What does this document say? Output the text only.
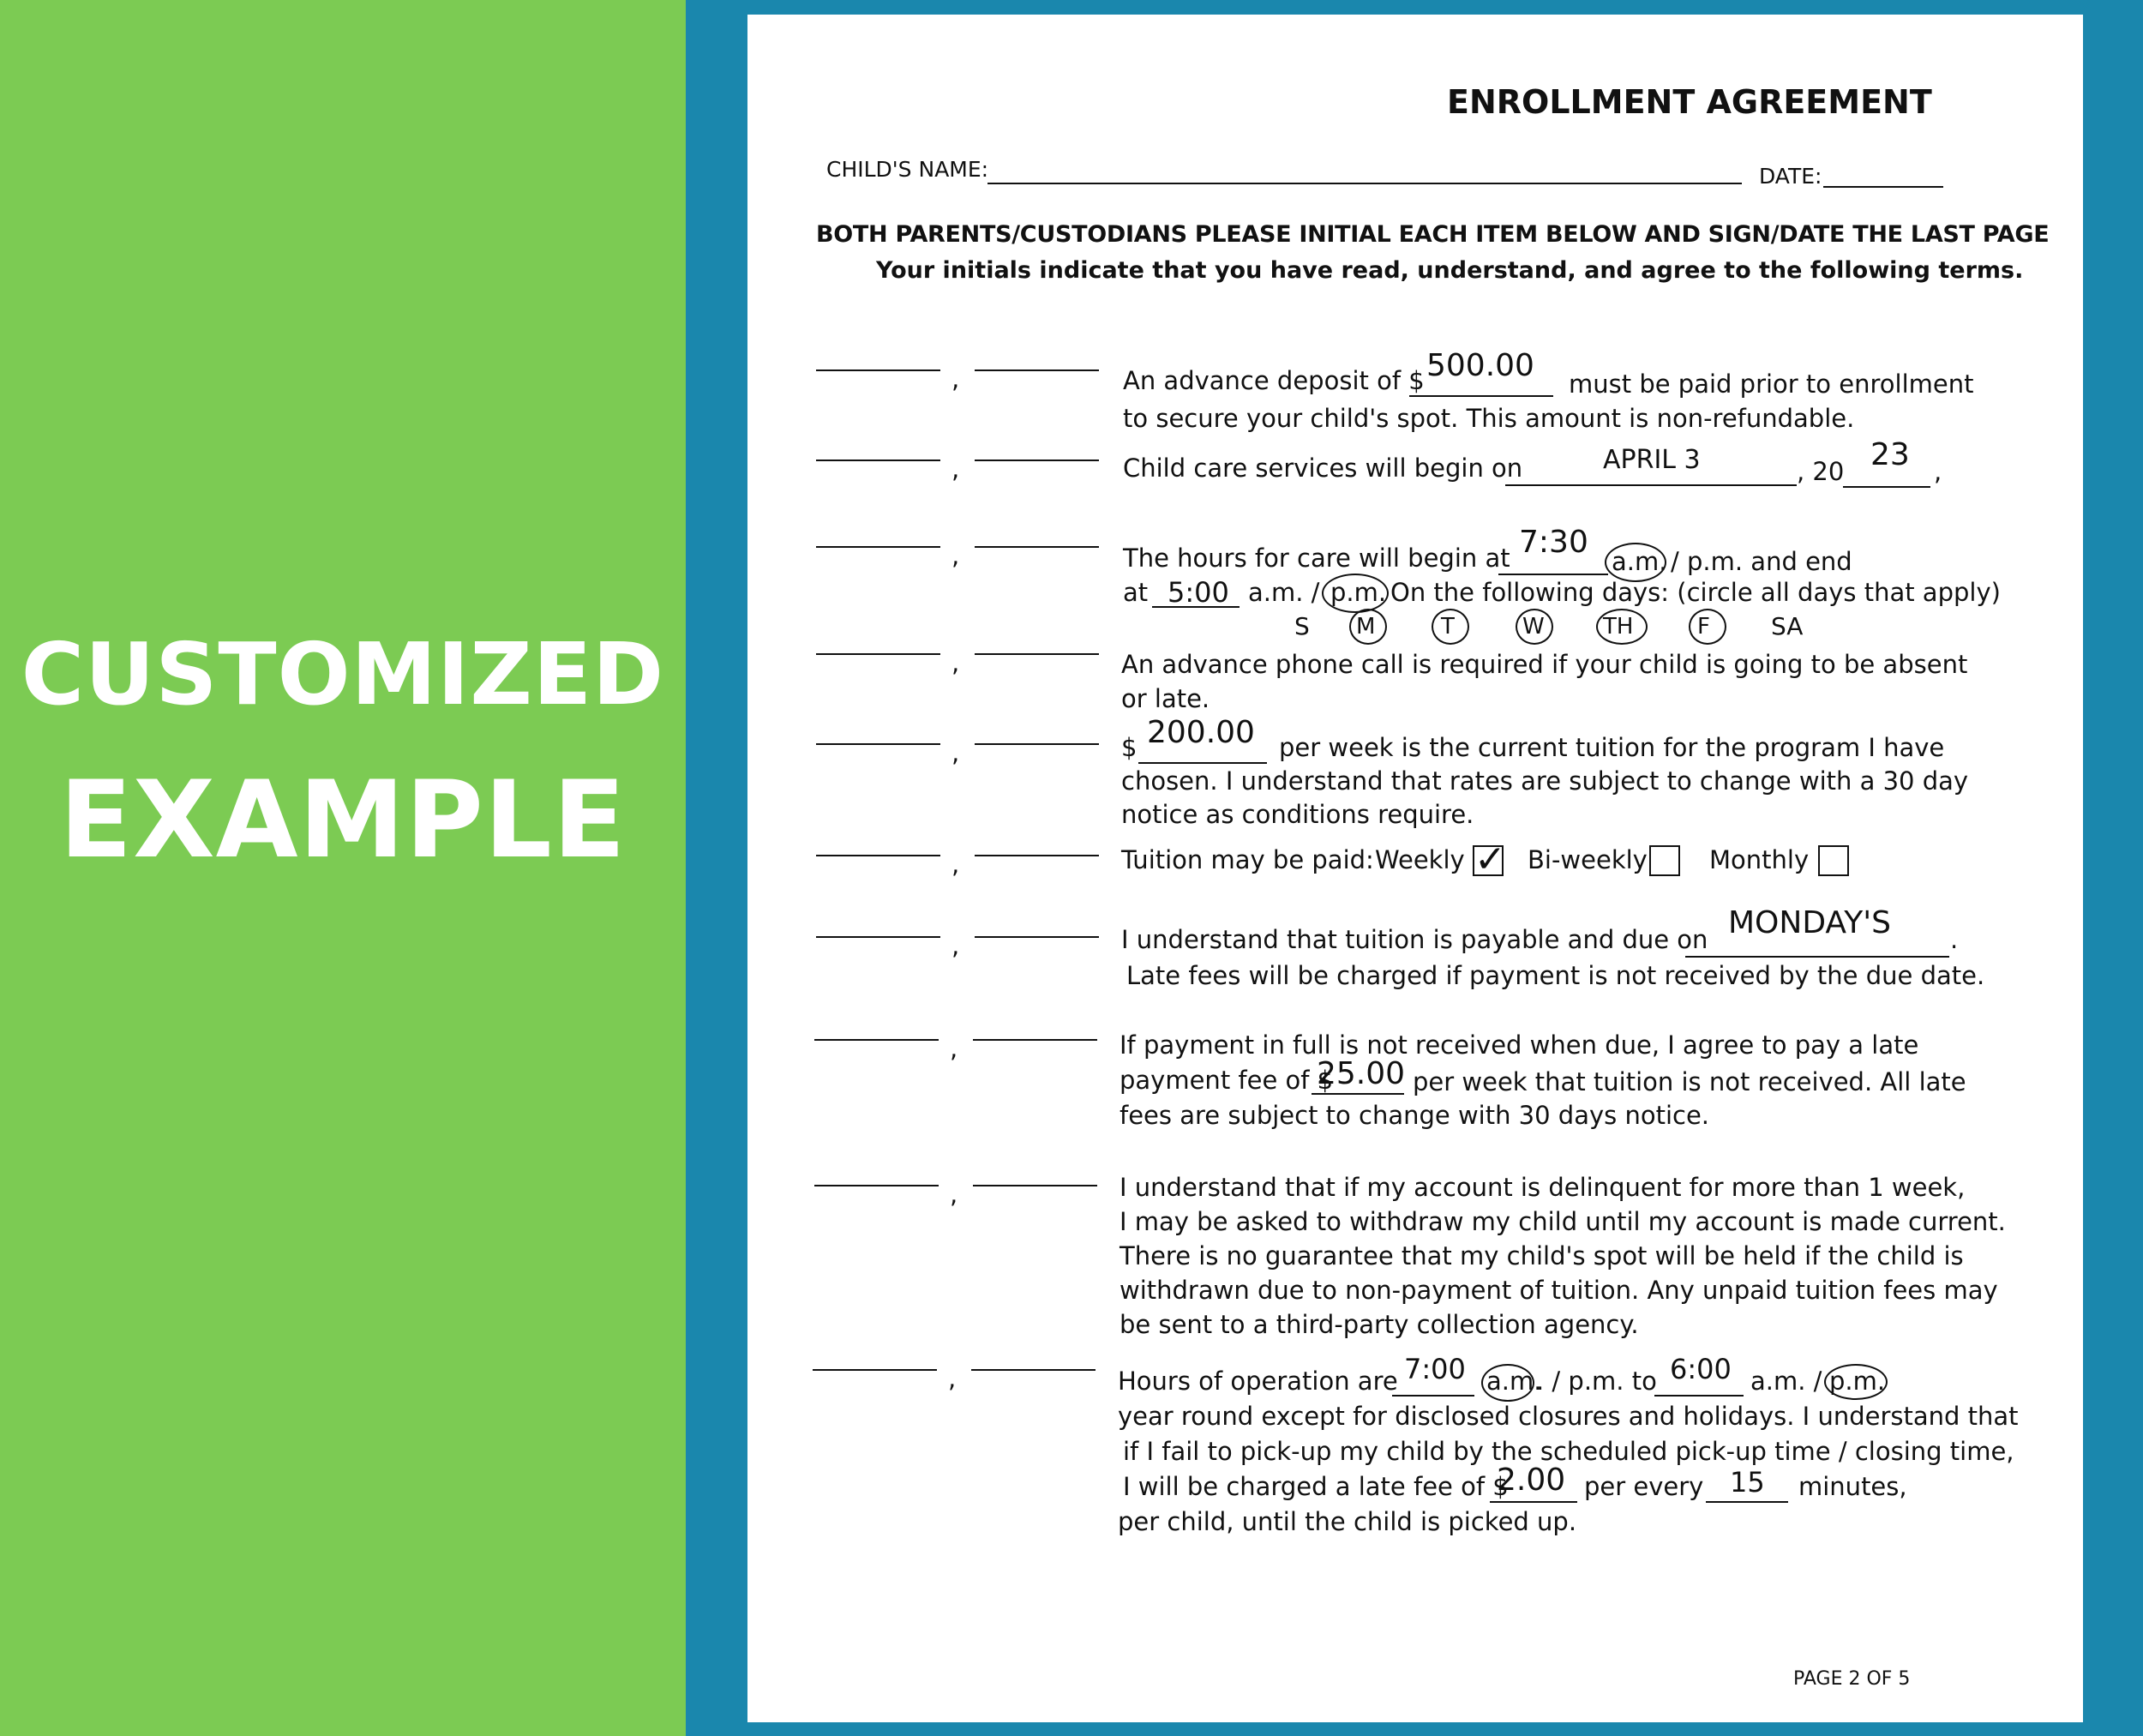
CUSTOMIZED
EXAMPLE
ENROLLMENT AGREEMENT
CHILD'S NAME:	DATE:
BOTH PARENTS/CUSTODIANS PLEASE INITIAL EACH ITEM BELOW AND SIGN/DATE THE LAST PAGE
Your initials indicate that you have read, understand, and agree to the following terms.
,
,
,
,
,
,
,
,
,
,
An advance deposit of $ 500.00
must be paid prior to enrollment
to secure your child's spot. This amount is non-refundable.
Child care services will begin on	APRIL 3	, 20 23 ,
The hours for care will begin at 7:30
a.m. / p.m. and end
at 5:00 a.m. / p.m. On the following days: (circle all days that apply)
S M	T	W	TH	F	SA
An advance phone call is required if your child is going to be absent
or late.
$ 200.00 per week is the current tuition for the program I have
chosen. I understand that rates are subject to change with a 30 day
notice as conditions require.
Tuition may be paid: Weekly ✓ Bi-weekly Monthly
I understand that tuition is payable and due on MONDAY'S .
Late fees will be charged if payment is not received by the due date.
If payment in full is not received when due, I agree to pay a late
payment fee of $
25.00 per week that tuition is not received. All late
fees are subject to change with 30 days notice.
I understand that if my account is delinquent for more than 1 week,
I may be asked to withdraw my child until my account is made current.
There is no guarantee that my child's spot will be held if the child is
withdrawn due to non-payment of tuition. Any unpaid tuition fees may
be sent to a third-party collection agency.
Hours of operation are 7:00 a.m.
. / p.m. to 6:00 a.m. / p.m.
year round except for disclosed closures and holidays. I understand that
if I fail to pick-up my child by the scheduled pick-up time / closing time,
I will be charged a late fee of $
2.00 per every 15 minutes,
per child, until the child is picked up.
PAGE 2 OF 5
